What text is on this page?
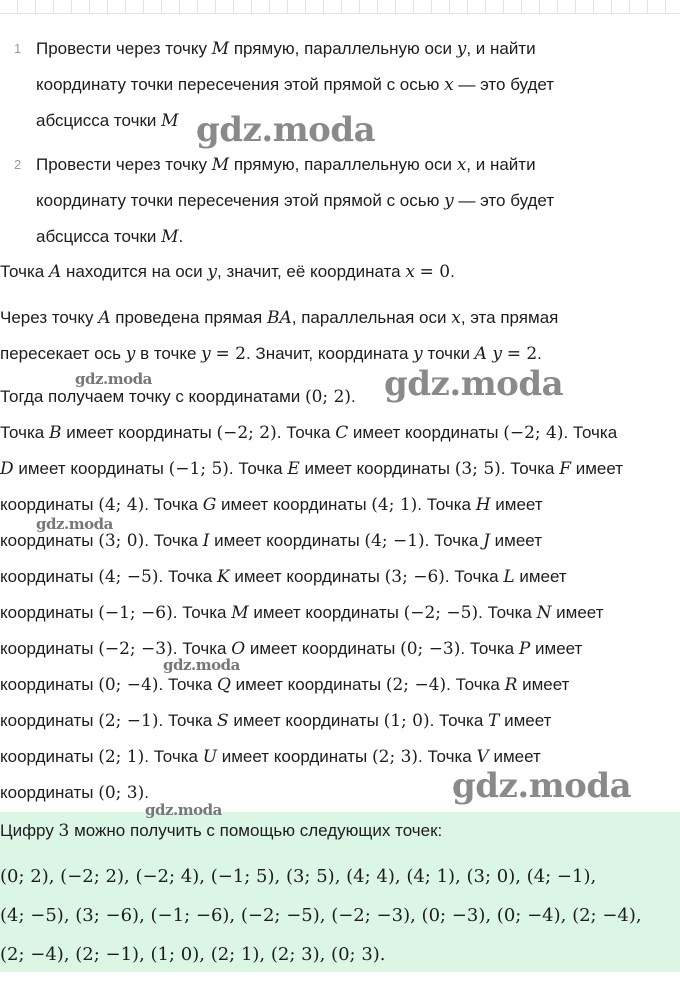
1 Провести через точку M прямую, параллельную оси y, и найти
координату точки пересечения этой прямой с осью x — это будет
абсцисса точки M
2 Провести через точку M прямую, параллельную оси x, и найти
координату точки пересечения этой прямой с осью y — это будет
абсцисса точки M.
Точка A находится на оси y, значит, её координата x = 0.
Через точку A проведена прямая BA, параллельная оси x, эта прямая
пересекает ось y в точке y = 2. Значит, координата y точки A y = 2.
Тогда получаем точку с координатами (0; 2).
Точка B имеет координаты (−2; 2). Точка C имеет координаты (−2; 4). Точка
D имеет координаты (−1; 5). Точка E имеет координаты (3; 5). Точка F имеет
координаты (4; 4). Точка G имеет координаты (4; 1). Точка H имеет
координаты (3; 0). Точка I имеет координаты (4; −1). Точка J имеет
координаты (4; −5). Точка K имеет координаты (3; −6). Точка L имеет
координаты (−1; −6). Точка M имеет координаты (−2; −5). Точка N имеет
координаты (−2; −3). Точка O имеет координаты (0; −3). Точка P имеет
координаты (0; −4). Точка Q имеет координаты (2; −4). Точка R имеет
координаты (2; −1). Точка S имеет координаты (1; 0). Точка T имеет
координаты (2; 1). Точка U имеет координаты (2; 3). Точка V имеет
координаты (0; 3).
Цифру 3 можно получить с помощью следующих точек:
(0; 2), (−2; 2), (−2; 4), (−1; 5), (3; 5), (4; 4), (4; 1), (3; 0), (4; −1),
(4; −5), (3; −6), (−1; −6), (−2; −5), (−2; −3), (0; −3), (0; −4), (2; −4),
(2; −4), (2; −1), (1; 0), (2; 1), (2; 3), (0; 3).
gdz.moda
gdz.moda	gdz.moda
gdz.moda
gdz.moda
gdz.moda
gdz.moda
